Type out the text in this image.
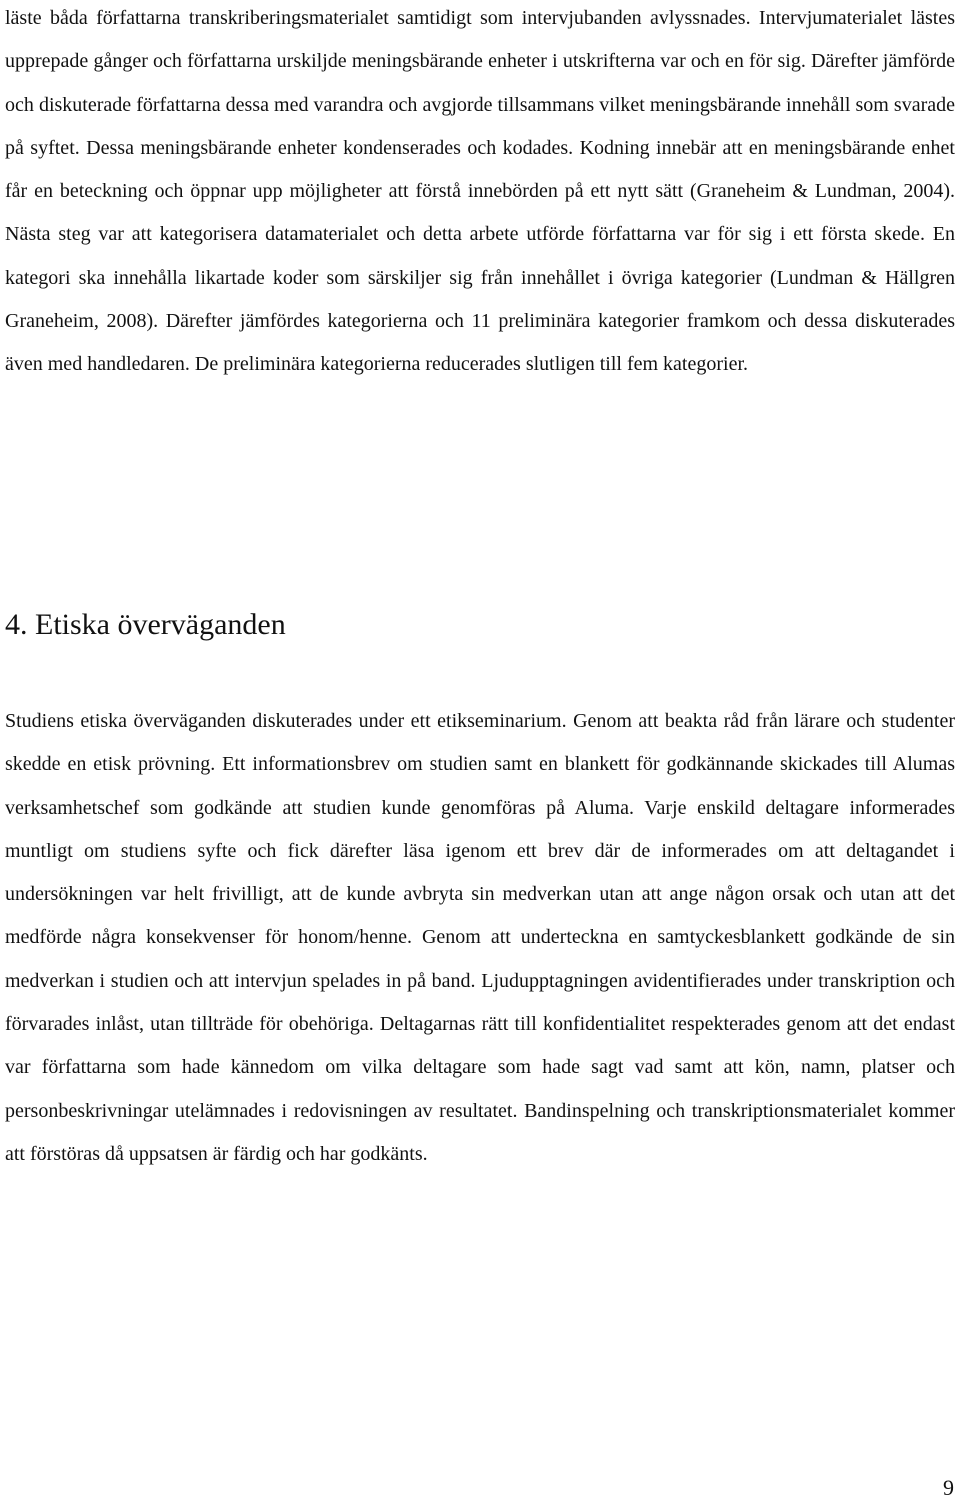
läste båda författarna transkriberingsmaterialet samtidigt som intervjubanden avlyssnades. Intervjumaterialet lästes upprepade gånger och författarna urskiljde meningsbärande enheter i utskrifterna var och en för sig. Därefter jämförde och diskuterade författarna dessa med varandra och avgjorde tillsammans vilket meningsbärande innehåll som svarade på syftet. Dessa meningsbärande enheter kondenserades och kodades. Kodning innebär att en meningsbärande enhet får en beteckning och öppnar upp möjligheter att förstå innebörden på ett nytt sätt (Graneheim & Lundman, 2004). Nästa steg var att kategorisera datamaterialet och detta arbete utförde författarna var för sig i ett första skede. En kategori ska innehålla likartade koder som särskiljer sig från innehållet i övriga kategorier (Lundman & Hällgren Graneheim, 2008). Därefter jämfördes kategorierna och 11 preliminära kategorier framkom och dessa diskuterades även med handledaren. De preliminära kategorierna reducerades slutligen till fem kategorier.

4. Etiska överväganden

Studiens etiska överväganden diskuterades under ett etikseminarium. Genom att beakta råd från lärare och studenter skedde en etisk prövning. Ett informationsbrev om studien samt en blankett för godkännande skickades till Alumas verksamhetschef som godkände att studien kunde genomföras på Aluma. Varje enskild deltagare informerades muntligt om studiens syfte och fick därefter läsa igenom ett brev där de informerades om att deltagandet i undersökningen var helt frivilligt, att de kunde avbryta sin medverkan utan att ange någon orsak och utan att det medförde några konsekvenser för honom/henne. Genom att underteckna en samtyckesblankett godkände de sin medverkan i studien och att intervjun spelades in på band. Ljudupptagningen avidentifierades under transkription och förvarades inlåst, utan tillträde för obehöriga. Deltagarnas rätt till konfidentialitet respekterades genom att det endast var författarna som hade kännedom om vilka deltagare som hade sagt vad samt att kön, namn, platser och personbeskrivningar utelämnades i redovisningen av resultatet. Bandinspelning och transkriptionsmaterialet kommer att förstöras då uppsatsen är färdig och har godkänts.

9
